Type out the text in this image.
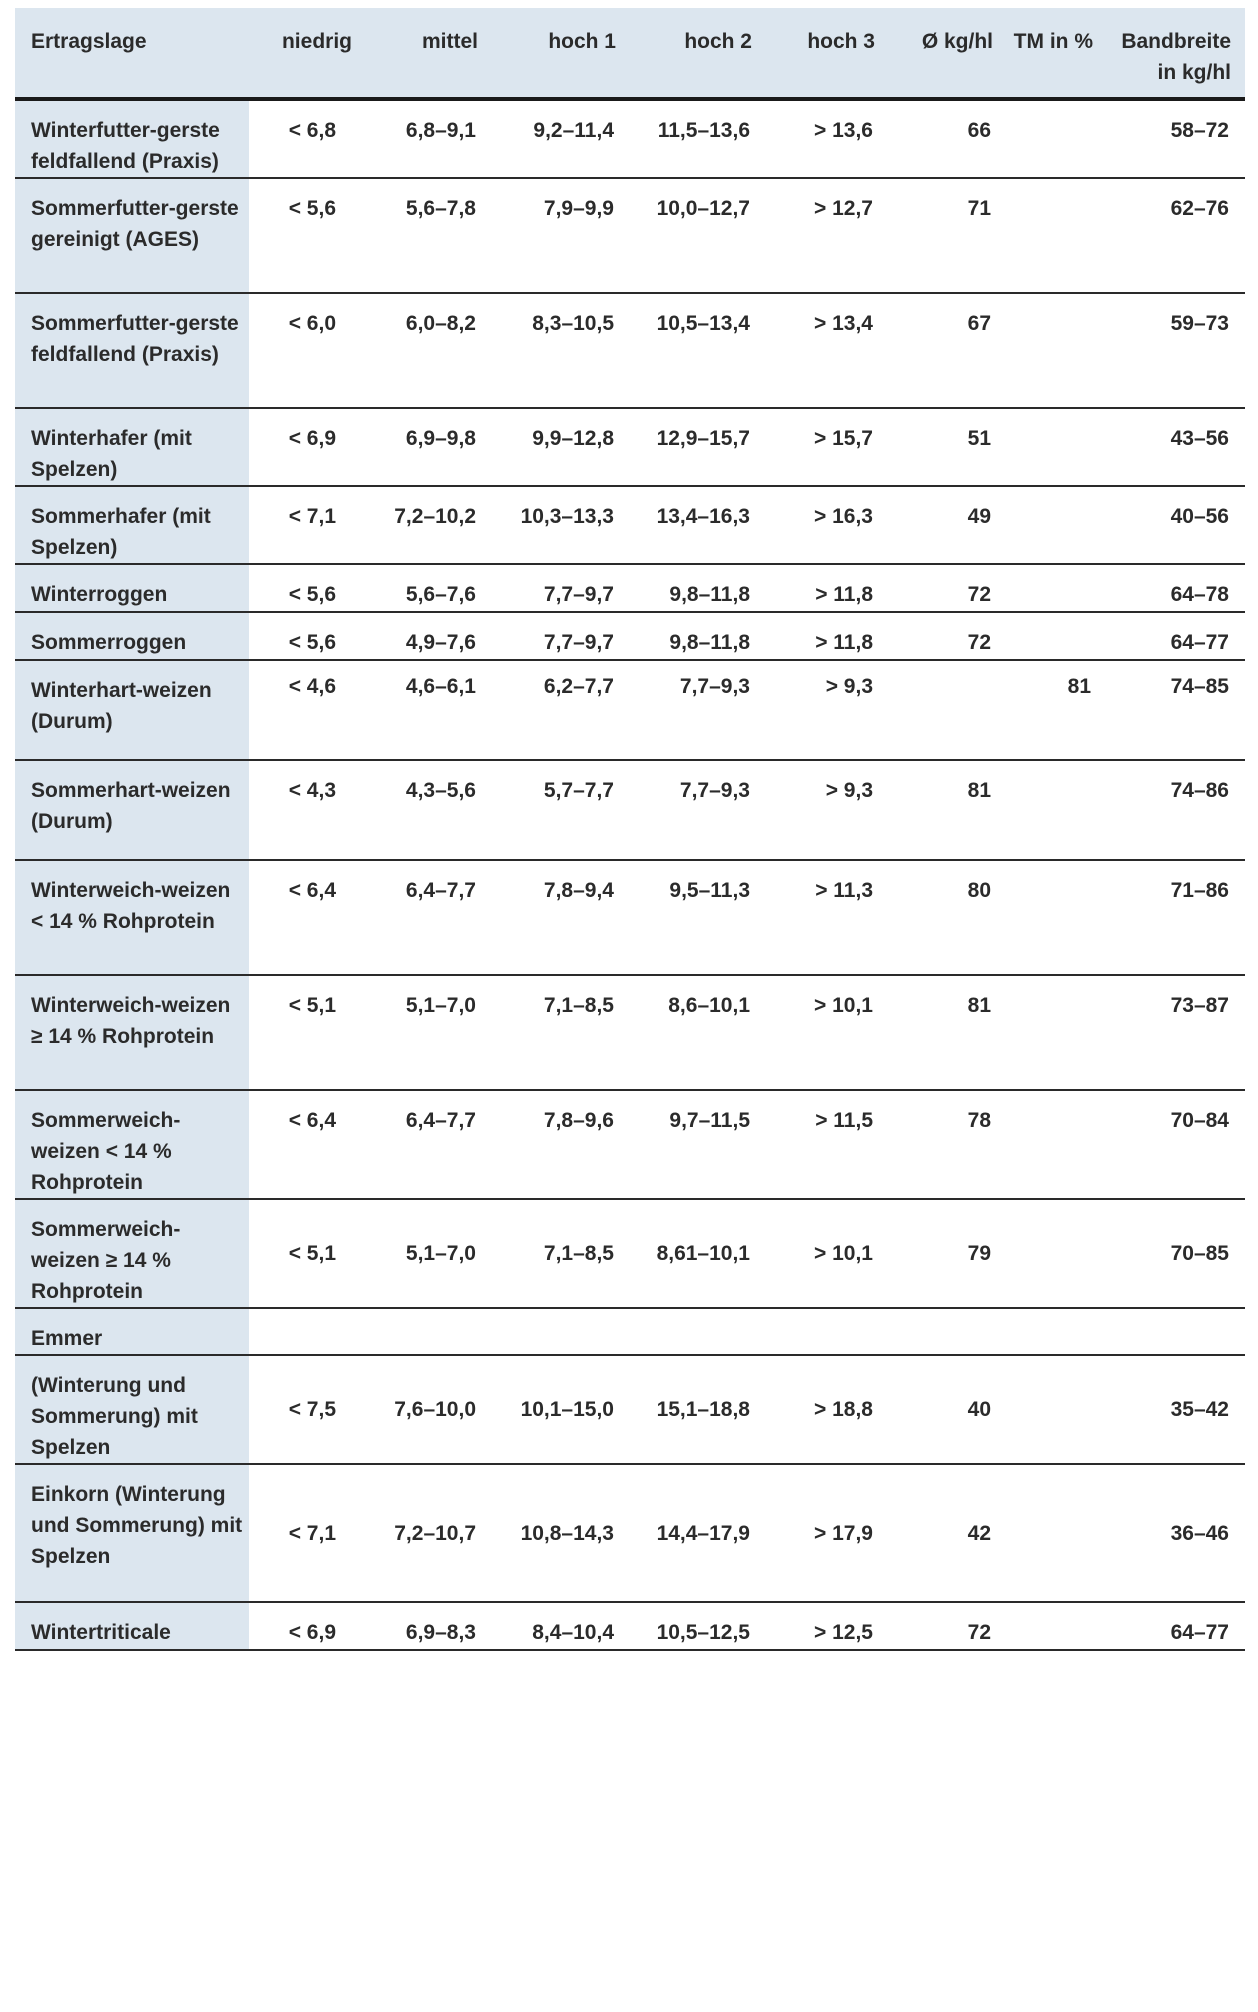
Ertragslage	niedrig	mittel	hoch 1	hoch 2	hoch 3	Ø kg/hl	TM in %	Bandbreite in kg/hl
Winterfutter-gerste feldfallend (Praxis)	< 6,8	6,8–9,1	9,2–11,4	11,5–13,6	> 13,6	66		58–72
Sommerfutter-gerste gereinigt (AGES)	< 5,6	5,6–7,8	7,9–9,9	10,0–12,7	> 12,7	71		62–76
Sommerfutter-gerste feldfallend (Praxis)	< 6,0	6,0–8,2	8,3–10,5	10,5–13,4	> 13,4	67		59–73
Winterhafer (mit Spelzen)	< 6,9	6,9–9,8	9,9–12,8	12,9–15,7	> 15,7	51		43–56
Sommerhafer (mit Spelzen)	< 7,1	7,2–10,2	10,3–13,3	13,4–16,3	> 16,3	49		40–56
Winterroggen	< 5,6	5,6–7,6	7,7–9,7	9,8–11,8	> 11,8	72		64–78
Sommerroggen	< 5,6	4,9–7,6	7,7–9,7	9,8–11,8	> 11,8	72		64–77
Winterhart-weizen (Durum)	< 4,6	4,6–6,1	6,2–7,7	7,7–9,3	> 9,3		81	74–85
Sommerhart-weizen (Durum)	< 4,3	4,3–5,6	5,7–7,7	7,7–9,3	> 9,3	81		74–86
Winterweich-weizen < 14 % Rohprotein	< 6,4	6,4–7,7	7,8–9,4	9,5–11,3	> 11,3	80		71–86
Winterweich-weizen ≥ 14 % Rohprotein	< 5,1	5,1–7,0	7,1–8,5	8,6–10,1	> 10,1	81		73–87
Sommerweich-weizen < 14 % Rohprotein	< 6,4	6,4–7,7	7,8–9,6	9,7–11,5	> 11,5	78		70–84
Sommerweich-weizen ≥ 14 % Rohprotein	< 5,1	5,1–7,0	7,1–8,5	8,61–10,1	> 10,1	79		70–85
Emmer								
(Winterung und Sommerung) mit Spelzen	< 7,5	7,6–10,0	10,1–15,0	15,1–18,8	> 18,8	40		35–42
Einkorn (Winterung und Sommerung) mit Spelzen	< 7,1	7,2–10,7	10,8–14,3	14,4–17,9	> 17,9	42		36–46
Wintertriticale	< 6,9	6,9–8,3	8,4–10,4	10,5–12,5	> 12,5	72		64–77
